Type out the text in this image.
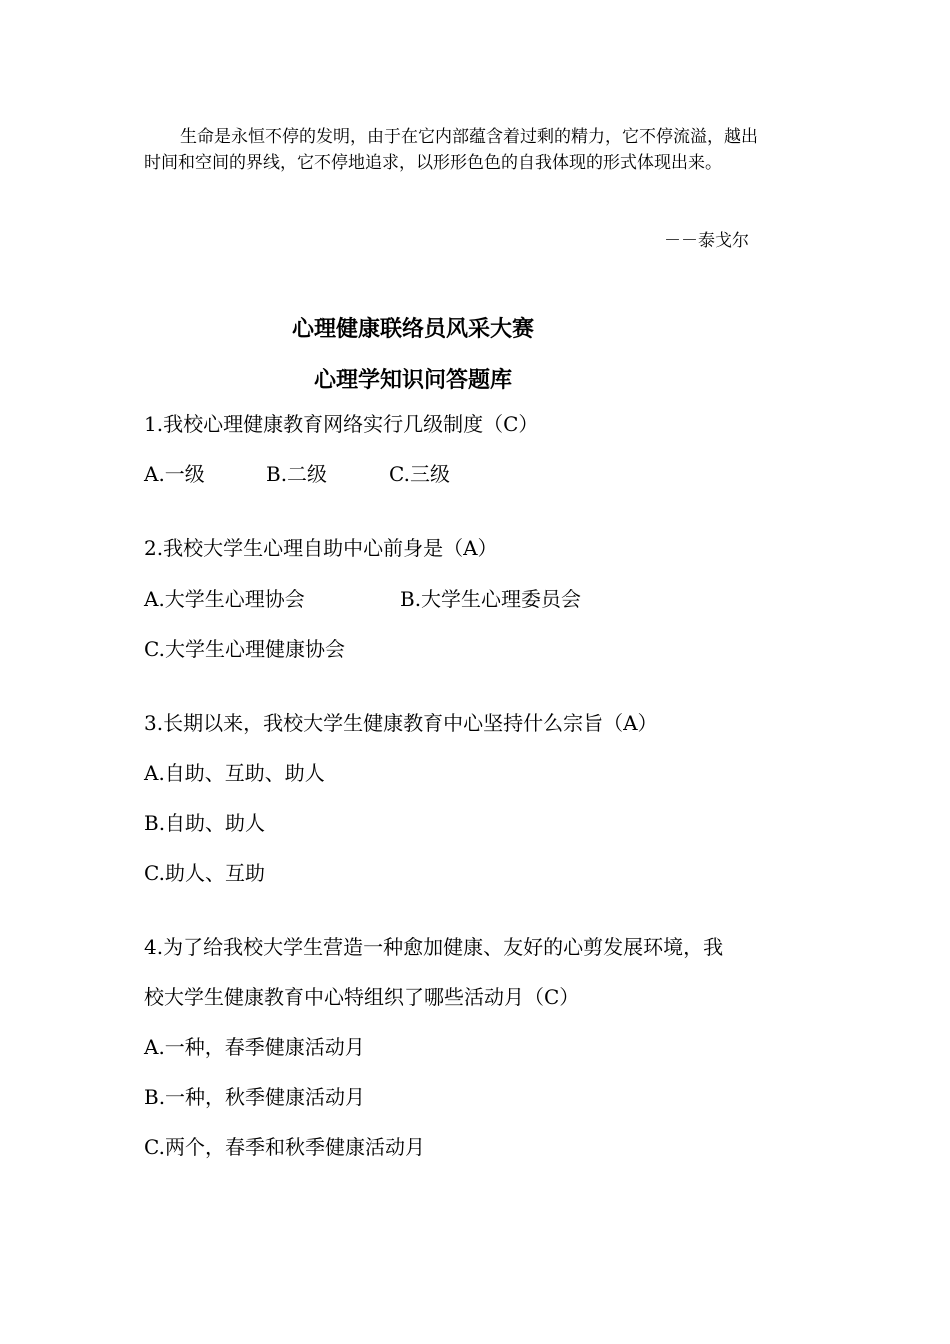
生命是永恒不停的发明，由于在它内部蕴含着过剩的精力，它不停流溢，越出
时间和空间的界线，它不停地追求，以形形色色的自我体现的形式体现出来。

－－泰戈尔

心理健康联络员风采大赛
心理学知识问答题库

1.我校心理健康教育网络实行几级制度（C）

A.一级	B.二级	C.三级

2.我校大学生心理自助中心前身是（A）

A.大学生心理协会	B.大学生心理委员会

C.大学生心理健康协会

3.长期以来，我校大学生健康教育中心坚持什么宗旨（A）

A.自助、互助、助人

B.自助、助人

C.助人、互助

4.为了给我校大学生营造一种愈加健康、友好的心剪发展环境，我

校大学生健康教育中心特组织了哪些活动月（C）

A.一种，春季健康活动月

B.一种，秋季健康活动月

C.两个，春季和秋季健康活动月
